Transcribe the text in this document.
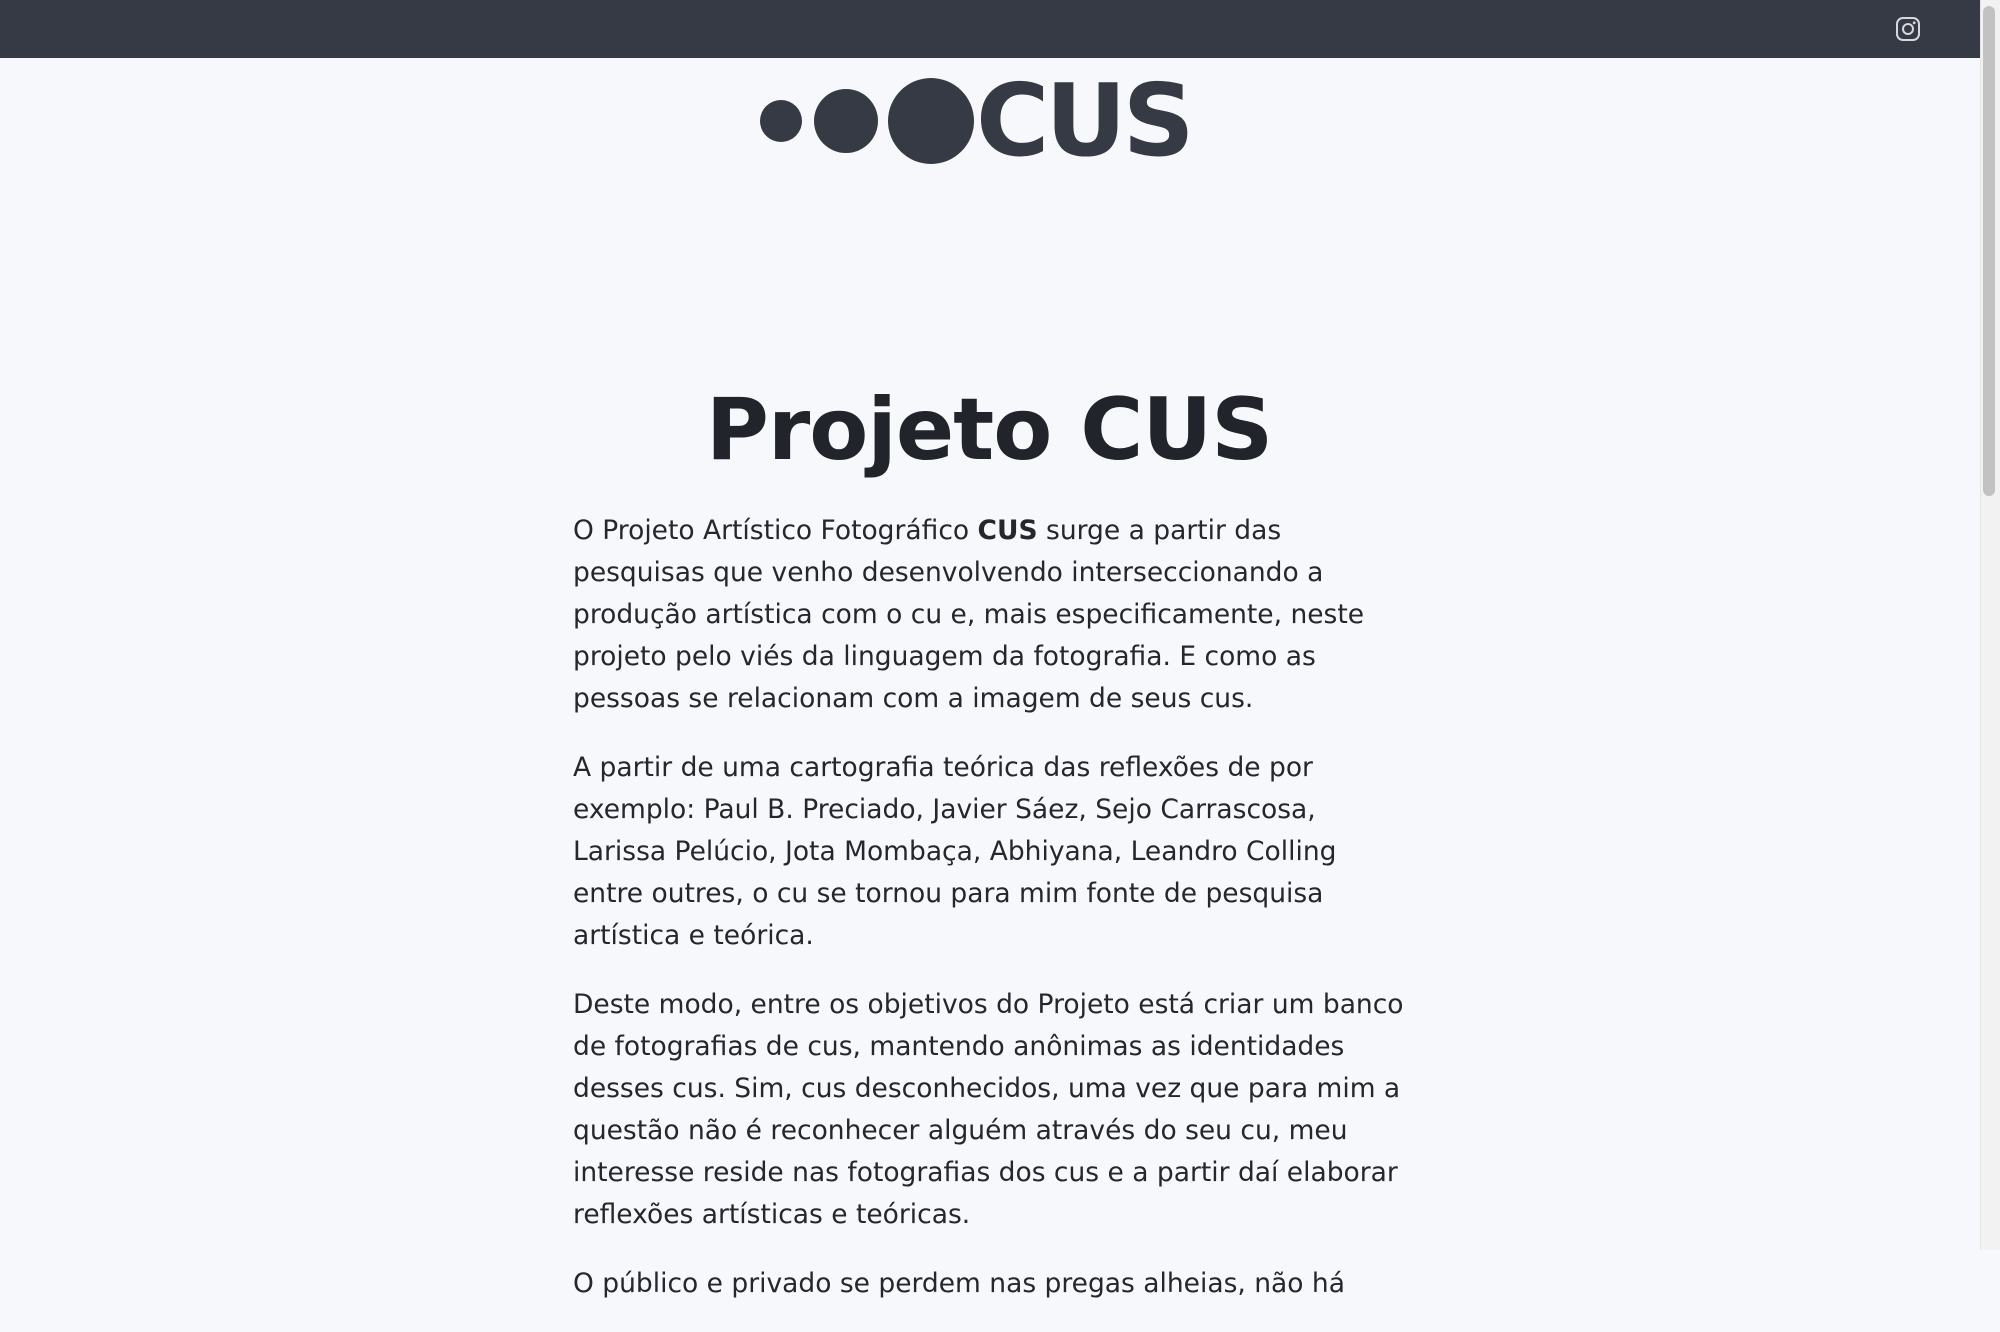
CUS
Projeto CUS

O Projeto Artístico Fotográfico CUS surge a partir das pesquisas que venho desenvolvendo interseccionando a produção artística com o cu e, mais especificamente, neste projeto pelo viés da linguagem da fotografia. E como as pessoas se relacionam com a imagem de seus cus.

A partir de uma cartografia teórica das reflexões de por exemplo: Paul B. Preciado, Javier Sáez, Sejo Carrascosa, Larissa Pelúcio, Jota Mombaça, Abhiyana, Leandro Colling entre outres, o cu se tornou para mim fonte de pesquisa artística e teórica.

Deste modo, entre os objetivos do Projeto está criar um banco de fotografias de cus, mantendo anônimas as identidades desses cus. Sim, cus desconhecidos, uma vez que para mim a questão não é reconhecer alguém através do seu cu, meu interesse reside nas fotografias dos cus e a partir daí elaborar reflexões artísticas e teóricas.

O público e privado se perdem nas pregas alheias, não há
